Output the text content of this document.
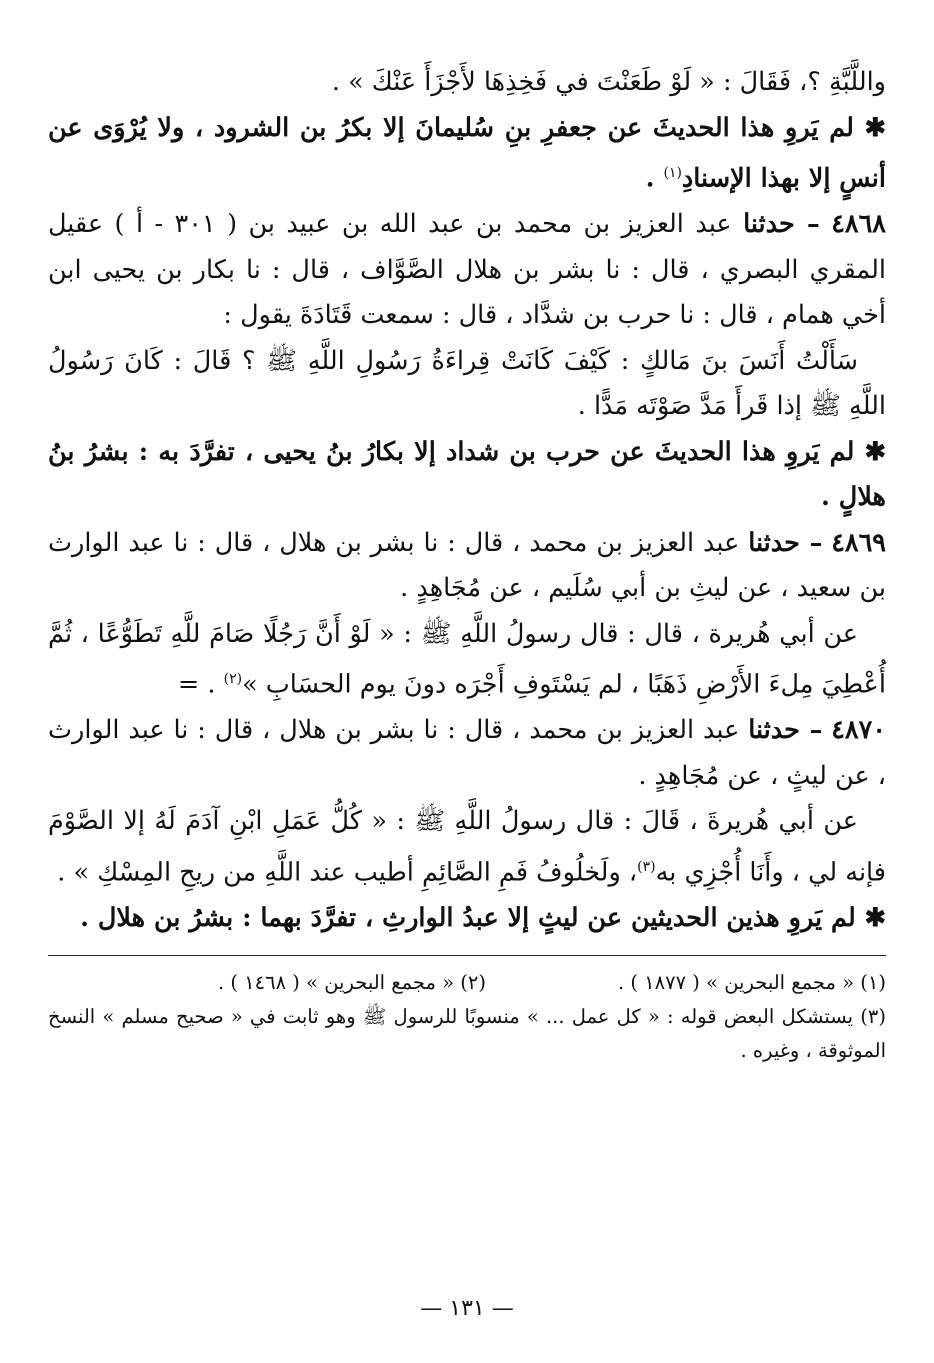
واللَّبَّةِ ؟، فَقَالَ : « لَوْ طَعَنْتَ في فَخِذِهَا لأَجْزَأَ عَنْكَ » .

✱ لم يَروِ هذا الحديثَ عن جعفرِ بنِ سُليمانَ إلا بكرُ بن الشرود ، ولا يُرْوَى عن أنسٍ إلا بهذا الإسنادِ$^{(١)}$ .

٤٨٦٨ – حدثنا عبد العزيز بن محمد بن عبد الله بن عبيد بن ( ٣٠١ - أ ) عقيل المقري البصري ، قال : نا بشر بن هلال الصَّوَّاف ، قال : نا بكار بن يحيى ابن أخي همام ، قال : نا حرب بن شدَّاد ، قال : سمعت قَتَادَةَ يقول :

سَأَلْتُ أَنَسَ بنَ مَالكٍ : كَيْفَ كَانَتْ قِراءَةُ رَسُولِ اللَّهِ ﷺ ؟ قَالَ : كَانَ رَسُولُ اللَّهِ ﷺ إذا قَرأَ مَدَّ صَوْتَه مَدًّا .

✱ لم يَروِ هذا الحديثَ عن حرب بن شداد إلا بكارُ بنُ يحيى ، تفرَّدَ به : بشرُ بنُ هلالٍ .

٤٨٦٩ – حدثنا عبد العزيز بن محمد ، قال : نا بشر بن هلال ، قال : نا عبد الوارث بن سعيد ، عن ليثِ بن أبي سُلَيم ، عن مُجَاهِدٍ .

عن أبي هُريرة ، قال : قال رسولُ اللَّهِ ﷺ : « لَوْ أَنَّ رَجُلًا صَامَ للَّهِ تَطَوُّعًا ، ثُمَّ أُعْطِيَ مِلءَ الأَرْضِ ذَهَبًا ، لم يَسْتَوفِ أَجْرَه دونَ يوم الحسَابِ »$^{(٢)}$ . =

٤٨٧٠ – حدثنا عبد العزيز بن محمد ، قال : نا بشر بن هلال ، قال : نا عبد الوارث ، عن ليثٍ ، عن مُجَاهِدٍ .

عن أبي هُريرةَ ، قَالَ : قال رسولُ اللَّهِ ﷺ : « كُلُّ عَمَلِ ابْنِ آدَمَ لَهُ إلا الصَّوْمَ فإنه لي ، وأَنَا أُجْزِي به$^{(٣)}$، ولَخلُوفُ فَمِ الصَّائِمِ أطيب عند اللَّهِ من ريحِ المِسْكِ » .

✱ لم يَروِ هذين الحديثين عن ليثٍ إلا عبدُ الوارثِ ، تفرَّدَ بهما : بشرُ بن هلال .

(١) « مجمع البحرين » ( ١٨٧٧ ) .
(٢) « مجمع البحرين » ( ١٤٦٨ ) .

(٣) يستشكل البعض قوله : « كل عمل ... » منسوبًا للرسول ﷺ وهو ثابت في « صحيح مسلم » النسخ الموثوقة ، وغيره .

— ١٣١ —
